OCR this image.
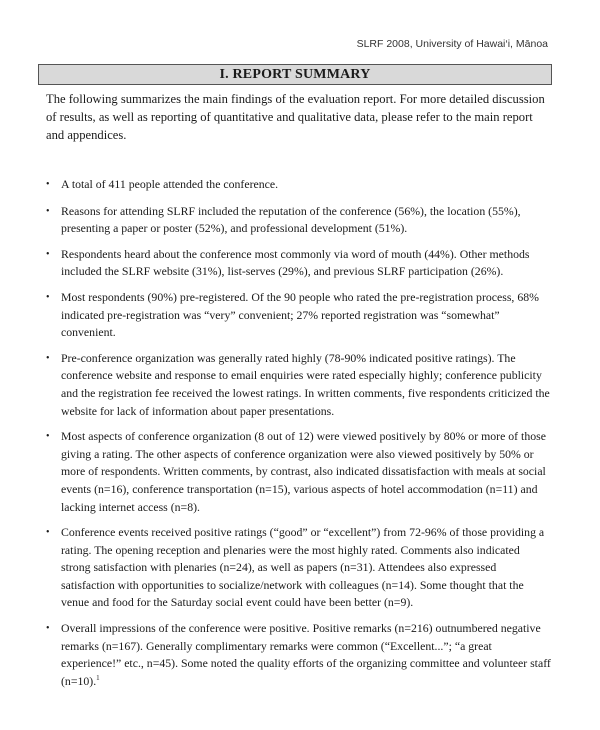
SLRF 2008, University of Hawai‘i, Mānoa
I. REPORT SUMMARY

The following summarizes the main findings of the evaluation report. For more detailed discussion of results, as well as reporting of quantitative and qualitative data, please refer to the main report and appendices.

• A total of 411 people attended the conference.
• Reasons for attending SLRF included the reputation of the conference (56%), the location (55%), presenting a paper or poster (52%), and professional development (51%).
• Respondents heard about the conference most commonly via word of mouth (44%). Other methods included the SLRF website (31%), list-serves (29%), and previous SLRF participation (26%).
• Most respondents (90%) pre-registered. Of the 90 people who rated the pre-registration process, 68% indicated pre-registration was “very” convenient; 27% reported registration was “somewhat” convenient.
• Pre-conference organization was generally rated highly (78-90% indicated positive ratings). The conference website and response to email enquiries were rated especially highly; conference publicity and the registration fee received the lowest ratings. In written comments, five respondents criticized the website for lack of information about paper presentations.
• Most aspects of conference organization (8 out of 12) were viewed positively by 80% or more of those giving a rating. The other aspects of conference organization were also viewed positively by 50% or more of respondents. Written comments, by contrast, also indicated dissatisfaction with meals at social events (n=16), conference transportation (n=15), various aspects of hotel accommodation (n=11) and lacking internet access (n=8).
• Conference events received positive ratings (“good” or “excellent”) from 72-96% of those providing a rating. The opening reception and plenaries were the most highly rated. Comments also indicated strong satisfaction with plenaries (n=24), as well as papers (n=31). Attendees also expressed satisfaction with opportunities to socialize/network with colleagues (n=14). Some thought that the venue and food for the Saturday social event could have been better (n=9).
• Overall impressions of the conference were positive. Positive remarks (n=216) outnumbered negative remarks (n=167). Generally complimentary remarks were common (“Excellent...”; “a great experience!” etc., n=45). Some noted the quality efforts of the organizing committee and volunteer staff (n=10).$^1$
